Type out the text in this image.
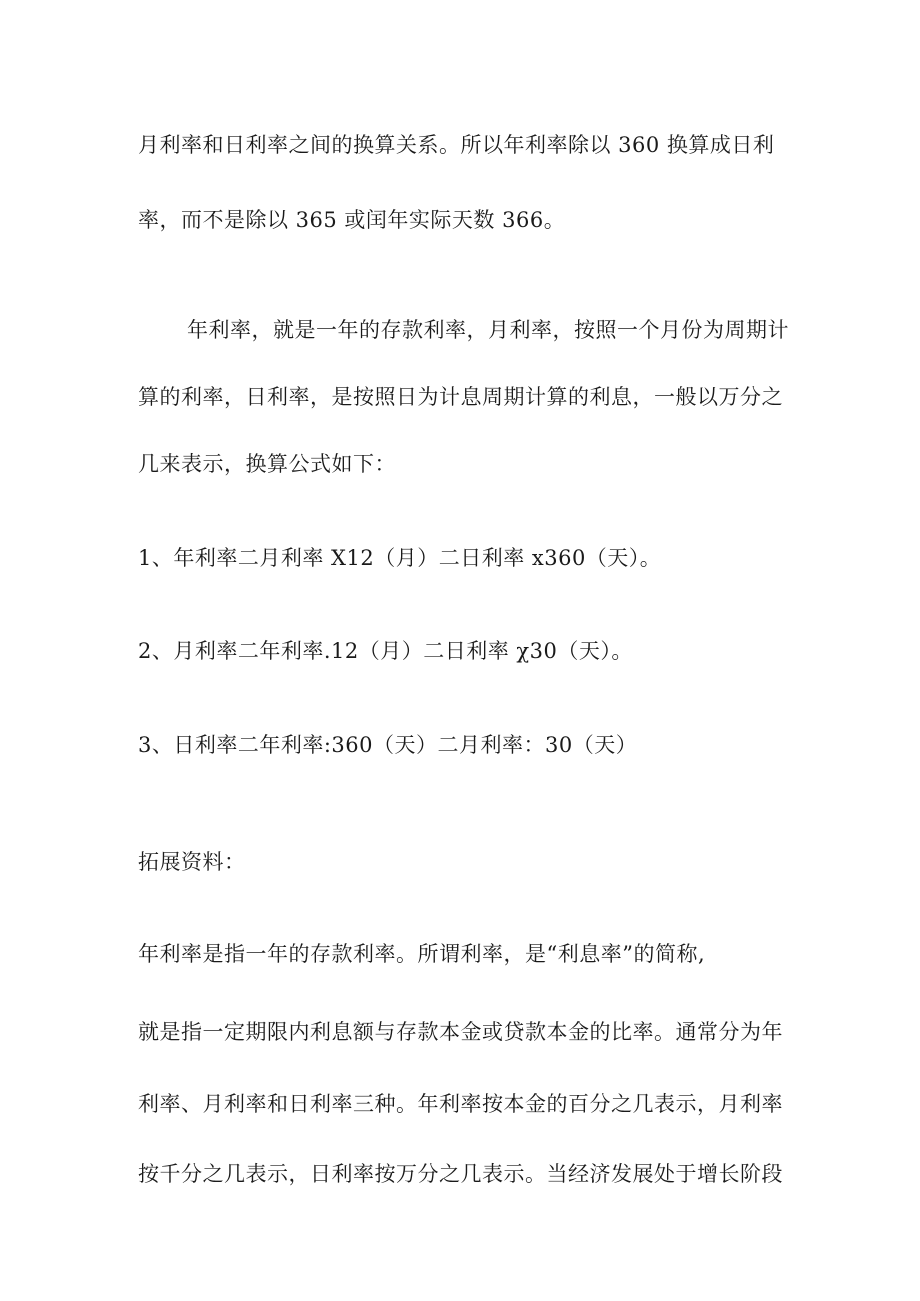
月利率和日利率之间的换算关系。所以年利率除以 360 换算成日利
率，而不是除以 365 或闰年实际天数 366。
年利率，就是一年的存款利率，月利率，按照一个月份为周期计
算的利率，日利率，是按照日为计息周期计算的利息，一般以万分之
几来表示，换算公式如下：
1、年利率二月利率 X12（月）二日利率 x360（天）。
2、月利率二年利率.12（月）二日利率 χ30（天）。
3、日利率二年利率:360（天）二月利率：30（天）
拓展资料：
年利率是指一年的存款利率。所谓利率，是“利息率”的简称,
就是指一定期限内利息额与存款本金或贷款本金的比率。通常分为年
利率、月利率和日利率三种。年利率按本金的百分之几表示，月利率
按千分之几表示，日利率按万分之几表示。当经济发展处于增长阶段
